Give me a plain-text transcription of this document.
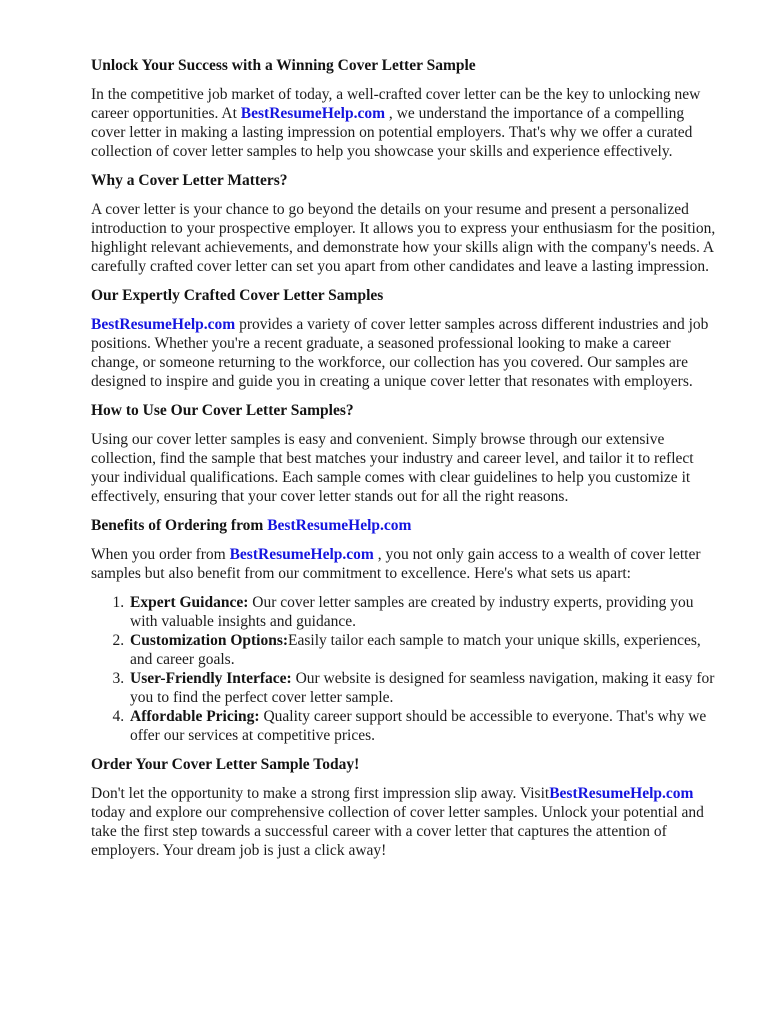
Unlock Your Success with a Winning Cover Letter Sample

In the competitive job market of today, a well-crafted cover letter can be the key to unlocking new career opportunities. At BestResumeHelp.com , we understand the importance of a compelling cover letter in making a lasting impression on potential employers. That's why we offer a curated collection of cover letter samples to help you showcase your skills and experience effectively.

Why a Cover Letter Matters?

A cover letter is your chance to go beyond the details on your resume and present a personalized introduction to your prospective employer. It allows you to express your enthusiasm for the position, highlight relevant achievements, and demonstrate how your skills align with the company's needs. A carefully crafted cover letter can set you apart from other candidates and leave a lasting impression.

Our Expertly Crafted Cover Letter Samples

BestResumeHelp.com provides a variety of cover letter samples across different industries and job positions. Whether you're a recent graduate, a seasoned professional looking to make a career change, or someone returning to the workforce, our collection has you covered. Our samples are designed to inspire and guide you in creating a unique cover letter that resonates with employers.

How to Use Our Cover Letter Samples?

Using our cover letter samples is easy and convenient. Simply browse through our extensive collection, find the sample that best matches your industry and career level, and tailor it to reflect your individual qualifications. Each sample comes with clear guidelines to help you customize it effectively, ensuring that your cover letter stands out for all the right reasons.

Benefits of Ordering from BestResumeHelp.com

When you order from BestResumeHelp.com , you not only gain access to a wealth of cover letter samples but also benefit from our commitment to excellence. Here's what sets us apart:

1. Expert Guidance: Our cover letter samples are created by industry experts, providing you with valuable insights and guidance.
2. Customization Options:Easily tailor each sample to match your unique skills, experiences, and career goals.
3. User-Friendly Interface: Our website is designed for seamless navigation, making it easy for you to find the perfect cover letter sample.
4. Affordable Pricing: Quality career support should be accessible to everyone. That's why we offer our services at competitive prices.
Order Your Cover Letter Sample Today!

Don't let the opportunity to make a strong first impression slip away. VisitBestResumeHelp.com today and explore our comprehensive collection of cover letter samples. Unlock your potential and take the first step towards a successful career with a cover letter that captures the attention of employers. Your dream job is just a click away!
